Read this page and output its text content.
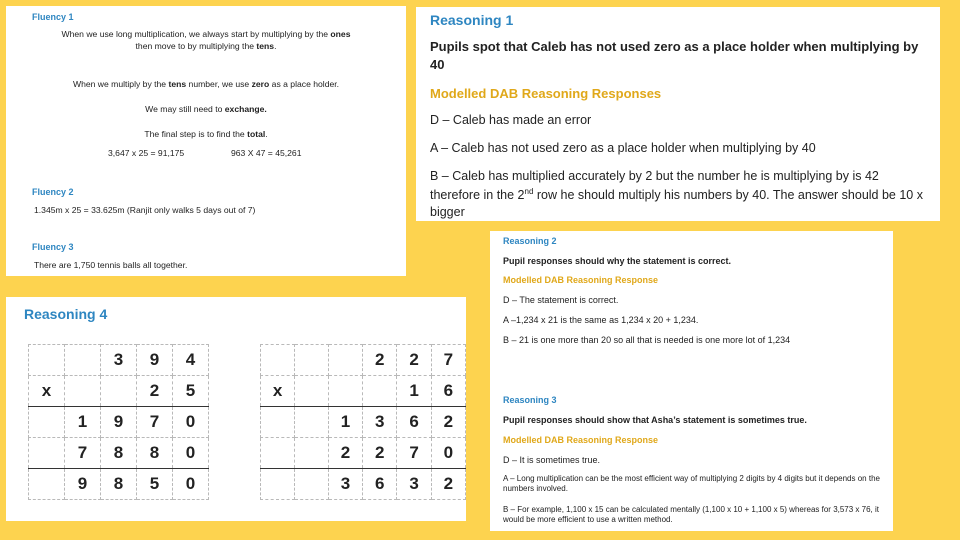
Fluency 1
When we use long multiplication, we always start by multiplying by the ones
then move to by multiplying the tens.
When we multiply by the tens number, we use zero as a place holder.
We may still need to exchange.
The final step is to find the total.
3,647 x 25 = 91,175	963 X 47 = 45,261
Fluency 2
1.345m x 25 = 33.625m (Ranjit only walks 5 days out of 7)
Fluency 3
There are 1,750 tennis balls all together.
Reasoning 1
Pupils spot that Caleb has not used zero as a place holder when multiplying by 40
Modelled DAB Reasoning Responses
D – Caleb has made an error
A – Caleb has not used zero as a place holder when multiplying by 40
B – Caleb has multiplied accurately by 2 but the number he is multiplying by is 42 therefore in the 2nd row he should multiply his numbers by 40. The answer should be 10 x bigger
Reasoning 4
		3	9	4
x			2	5
	1	9	7	0
	7	8	8	0
	9	8	5	0
			2	2	7
x				1	6
		1	3	6	2
		2	2	7	0
		3	6	3	2
Reasoning 2
Pupil responses should why the statement is correct.
Modelled DAB Reasoning Response
D – The statement is correct.
A –1,234 x 21 is the same as 1,234 x 20 + 1,234.
B – 21 is one more than 20 so all that is needed is one more lot of 1,234
Reasoning 3
Pupil responses should show that Asha’s statement is sometimes true.
Modelled DAB Reasoning Response
D – It is sometimes true.
A – Long multiplication can be the most efficient way of multiplying 2 digits by 4 digits but it depends on the numbers involved.
B – For example, 1,100 x 15 can be calculated mentally (1,100 x 10 + 1,100 x 5) whereas for 3,573 x 76, it would be more efficient to use a written method.
